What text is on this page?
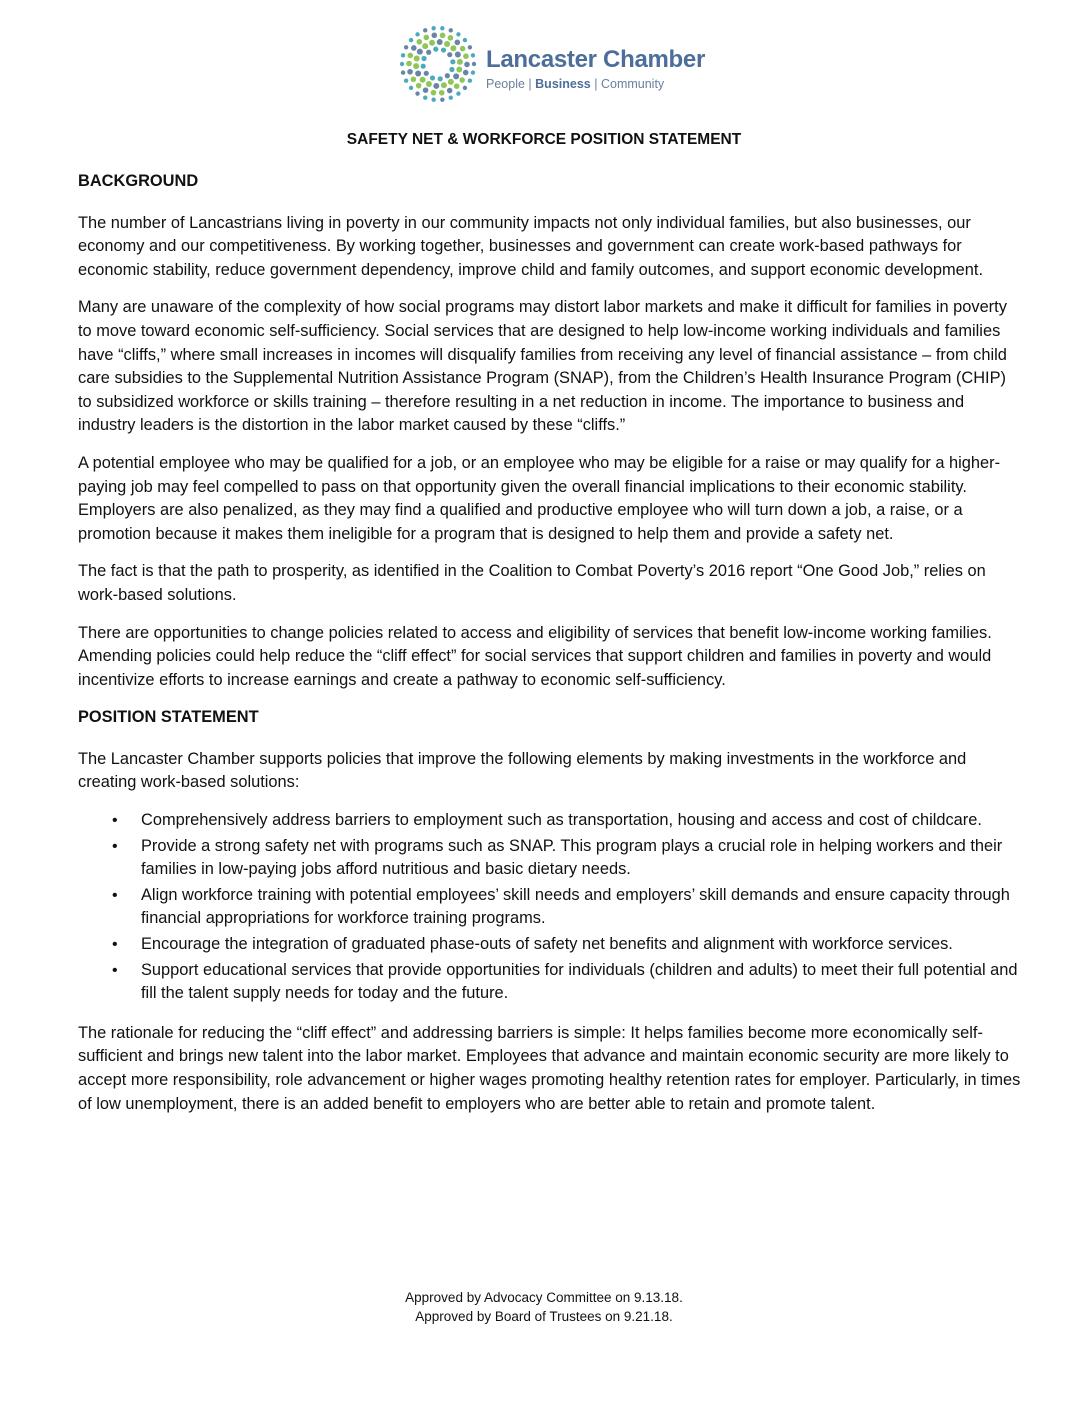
Lancaster Chamber
People | Business | Community
SAFETY NET & WORKFORCE POSITION STATEMENT
BACKGROUND

The number of Lancastrians living in poverty in our community impacts not only individual families, but also businesses, our economy and our competitiveness. By working together, businesses and government can create work-based pathways for economic stability, reduce government dependency, improve child and family outcomes, and support economic development.

Many are unaware of the complexity of how social programs may distort labor markets and make it difficult for families in poverty to move toward economic self-sufficiency. Social services that are designed to help low-income working individuals and families have “cliffs,” where small increases in incomes will disqualify families from receiving any level of financial assistance – from child care subsidies to the Supplemental Nutrition Assistance Program (SNAP), from the Children’s Health Insurance Program (CHIP) to subsidized workforce or skills training – therefore resulting in a net reduction in income. The importance to business and industry leaders is the distortion in the labor market caused by these “cliffs.”

A potential employee who may be qualified for a job, or an employee who may be eligible for a raise or may qualify for a higher-paying job may feel compelled to pass on that opportunity given the overall financial implications to their economic stability. Employers are also penalized, as they may find a qualified and productive employee who will turn down a job, a raise, or a promotion because it makes them ineligible for a program that is designed to help them and provide a safety net.

The fact is that the path to prosperity, as identified in the Coalition to Combat Poverty’s 2016 report “One Good Job,” relies on work-based solutions.

There are opportunities to change policies related to access and eligibility of services that benefit low-income working families. Amending policies could help reduce the “cliff effect” for social services that support children and families in poverty and would incentivize efforts to increase earnings and create a pathway to economic self-sufficiency.

POSITION STATEMENT

The Lancaster Chamber supports policies that improve the following elements by making investments in the workforce and creating work-based solutions:

• Comprehensively address barriers to employment such as transportation, housing and access and cost of childcare.
• Provide a strong safety net with programs such as SNAP. This program plays a crucial role in helping workers and their families in low-paying jobs afford nutritious and basic dietary needs.
• Align workforce training with potential employees’ skill needs and employers’ skill demands and ensure capacity through financial appropriations for workforce training programs.
• Encourage the integration of graduated phase-outs of safety net benefits and alignment with workforce services.
• Support educational services that provide opportunities for individuals (children and adults) to meet their full potential and fill the talent supply needs for today and the future.

The rationale for reducing the “cliff effect” and addressing barriers is simple: It helps families become more economically self-sufficient and brings new talent into the labor market. Employees that advance and maintain economic security are more likely to accept more responsibility, role advancement or higher wages promoting healthy retention rates for employer. Particularly, in times of low unemployment, there is an added benefit to employers who are better able to retain and promote talent.

Approved by Advocacy Committee on 9.13.18.
Approved by Board of Trustees on 9.21.18.
